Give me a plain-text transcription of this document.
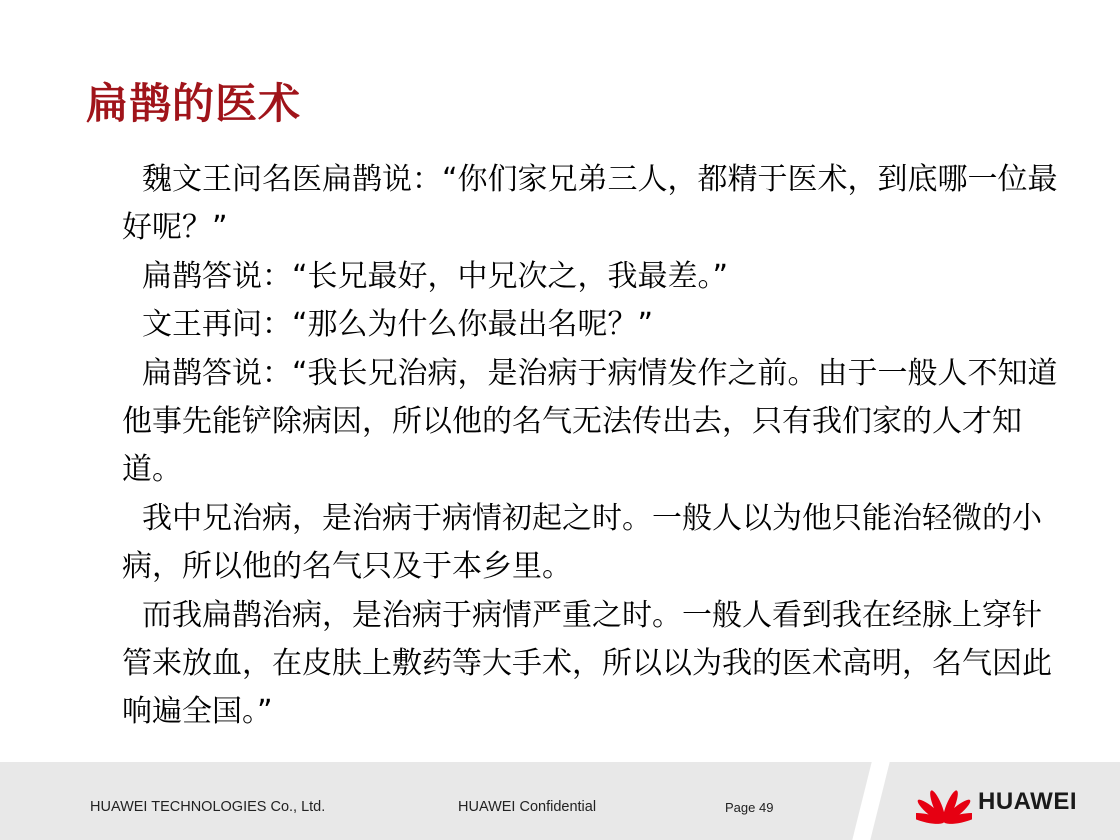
扁鹊的医术

魏文王问名医扁鹊说：“你们家兄弟三人，都精于医术，到底哪一位最好呢？”

扁鹊答说：“长兄最好，中兄次之，我最差。”

文王再问：“那么为什么你最出名呢？”

扁鹊答说：“我长兄治病，是治病于病情发作之前。由于一般人不知道他事先能铲除病因，所以他的名气无法传出去，只有我们家的人才知道。

我中兄治病，是治病于病情初起之时。一般人以为他只能治轻微的小病，所以他的名气只及于本乡里。

而我扁鹊治病，是治病于病情严重之时。一般人看到我在经脉上穿针管来放血，在皮肤上敷药等大手术，所以以为我的医术高明，名气因此响遍全国。”

HUAWEI TECHNOLOGIES Co., Ltd.	HUAWEI Confidential	Page 49	HUAWEI
